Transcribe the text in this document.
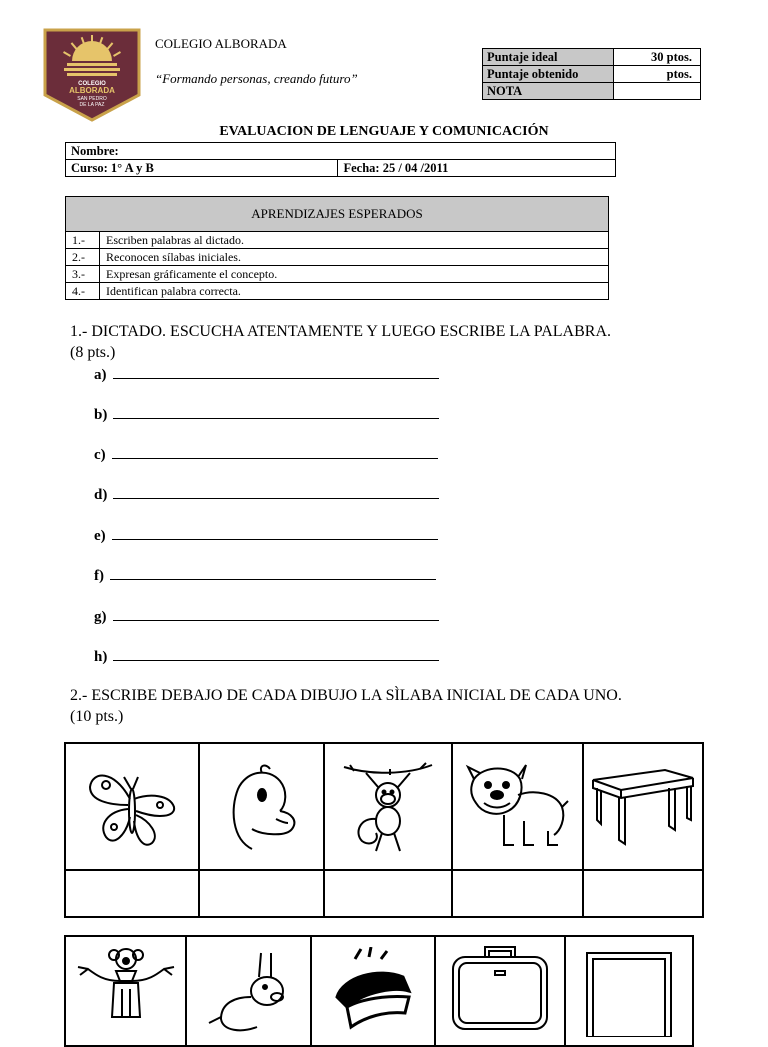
COLEGIO
ALBORADA
SAN PEDRO
DE LA PAZ
COLEGIO ALBORADA
“Formando personas, creando futuro”
Puntaje ideal	30 ptos.
Puntaje obtenido	ptos.
NOTA	
EVALUACION DE LENGUAJE Y COMUNICACIÓN
Nombre:
Curso: 1° A y B	Fecha: 25 / 04 /2011
APRENDIZAJES ESPERADOS	
1.-	Escriben palabras al dictado.
2.-	Reconocen sílabas iniciales.
3.-	Expresan gráficamente el concepto.
4.-	Identifican palabra correcta.
1.- DICTADO. ESCUCHA ATENTAMENTE Y LUEGO ESCRIBE LA PALABRA.
(8 pts.)
a)
b)
c)
d)
e)
f)
g)
h)
2.- ESCRIBE DEBAJO DE CADA DIBUJO LA SÌLABA INICIAL DE CADA UNO.
(10 pts.)
